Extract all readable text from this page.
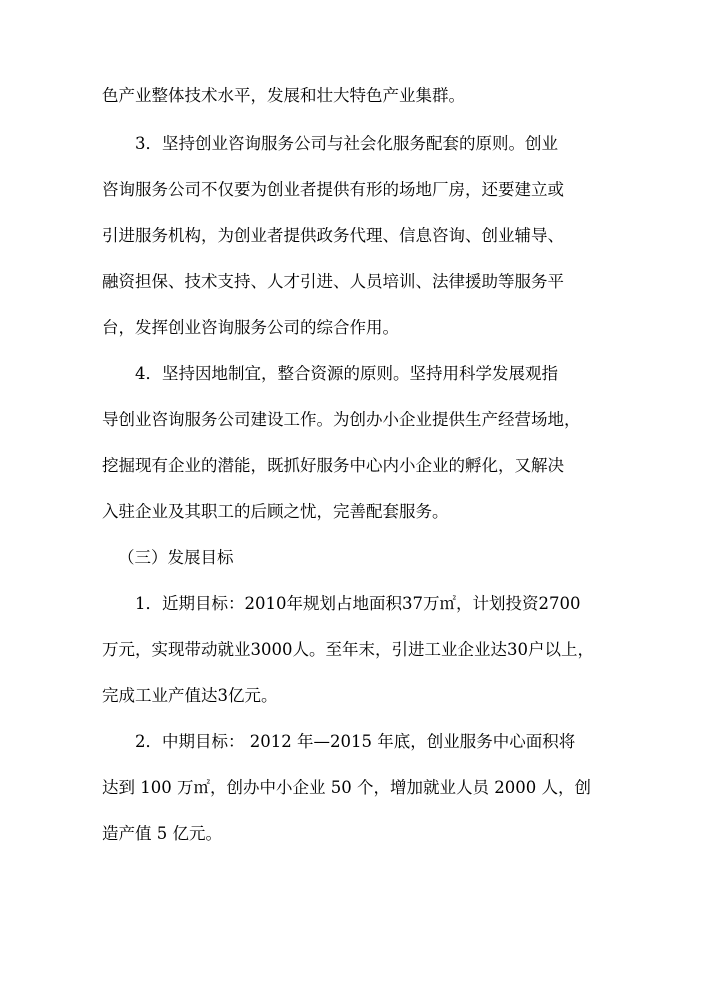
色产业整体技术水平，发展和壮大特色产业集群。
3．坚持创业咨询服务公司与社会化服务配套的原则。创业
咨询服务公司不仅要为创业者提供有形的场地厂房，还要建立或
引进服务机构，为创业者提供政务代理、信息咨询、创业辅导、
融资担保、技术支持、人才引进、人员培训、法律援助等服务平
台，发挥创业咨询服务公司的综合作用。
4．坚持因地制宜，整合资源的原则。坚持用科学发展观指
导创业咨询服务公司建设工作。为创办小企业提供生产经营场地，
挖掘现有企业的潜能，既抓好服务中心内小企业的孵化，又解决
入驻企业及其职工的后顾之忧，完善配套服务。
（三）发展目标
1．近期目标：2010年规划占地面积37万㎡，计划投资2700
万元，实现带动就业3000人。至年末，引进工业企业达30户以上，
完成工业产值达3亿元。
2．中期目标： 2012 年—2015 年底，创业服务中心面积将
达到 100 万㎡，创办中小企业 50 个，增加就业人员 2000 人，创
造产值 5 亿元。
